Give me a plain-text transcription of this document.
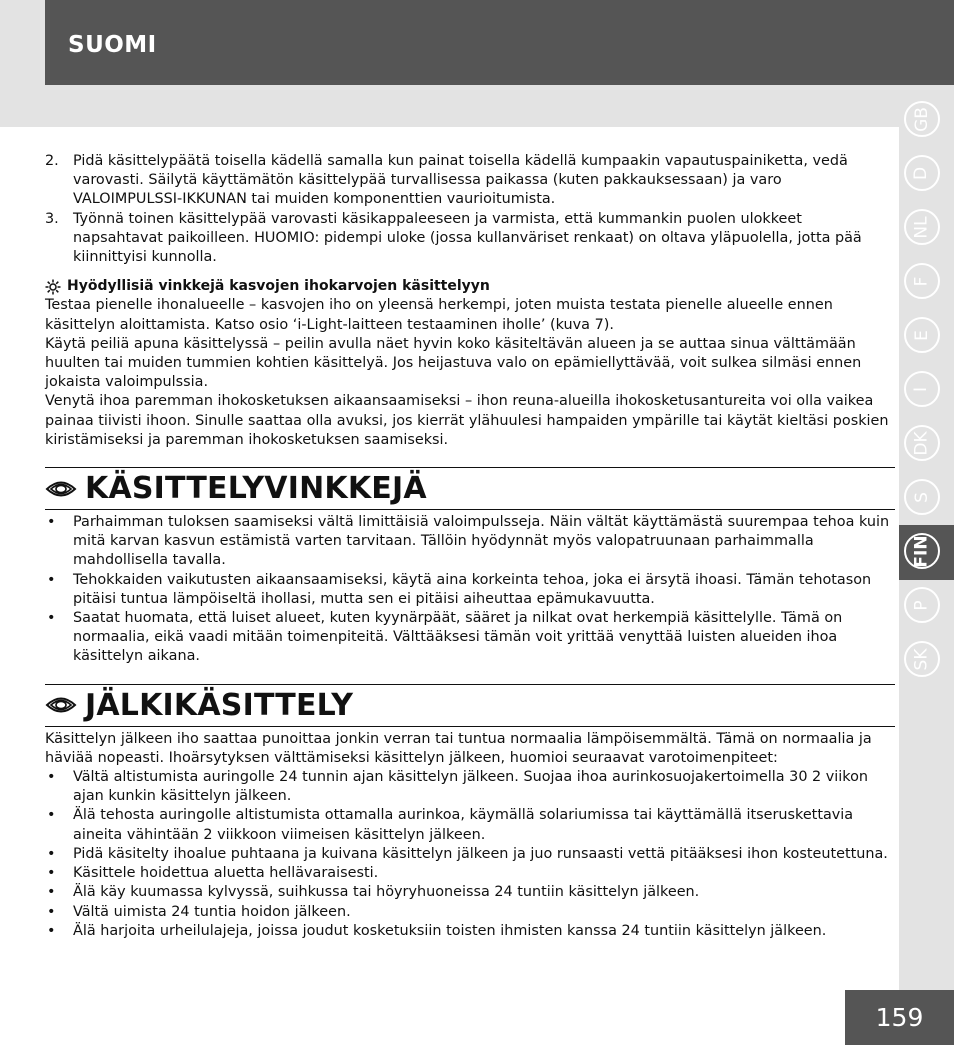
SUOMI
GB
D
NL
F
E
I
DK
S
FIN
P
SK
2. Pidä käsittelypäätä toisella kädellä samalla kun painat toisella kädellä kumpaakin vapautuspainiketta, vedä varovasti. Säilytä käyttämätön käsittelypää turvallisessa paikassa (kuten pakkauksessaan) ja varo VALOIMPULSSI-IKKUNAN tai muiden komponenttien vaurioitumista.
3. Työnnä toinen käsittelypää varovasti käsikappaleeseen ja varmista, että kummankin puolen ulokkeet napsahtavat paikoilleen. HUOMIO: pidempi uloke (jossa kullanväriset renkaat) on oltava yläpuolella, jotta pää kiinnittyisi kunnolla.
Hyödyllisiä vinkkejä kasvojen ihokarvojen käsittelyyn
Testaa pienelle ihonalueelle – kasvojen iho on yleensä herkempi, joten muista testata pienelle alueelle ennen käsittelyn aloittamista. Katso osio ‘i-Light-laitteen testaaminen iholle’ (kuva 7).
Käytä peiliä apuna käsittelyssä – peilin avulla näet hyvin koko käsiteltävän alueen ja se auttaa sinua välttämään huulten tai muiden tummien kohtien käsittelyä. Jos heijastuva valo on epämiellyttävää, voit sulkea silmäsi ennen jokaista valoimpulssia.
Venytä ihoa paremman ihokosketuksen aikaansaamiseksi – ihon reuna-alueilla ihokosketusantureita voi olla vaikea painaa tiivisti ihoon. Sinulle saattaa olla avuksi, jos kierrät ylähuulesi hampaiden ympärille tai käytät kieltäsi poskien kiristämiseksi ja paremman ihokosketuksen saamiseksi.
KÄSITTELYVINKKEJÄ
•	Parhaimman tuloksen saamiseksi vältä limittäisiä valoimpulsseja. Näin vältät käyttämästä suurempaa tehoa kuin mitä karvan kasvun estämistä varten tarvitaan. Tällöin hyödynnät myös valopatruunaan parhaimmalla mahdollisella tavalla.
•	Tehokkaiden vaikutusten aikaansaamiseksi, käytä aina korkeinta tehoa, joka ei ärsytä ihoasi. Tämän tehotason pitäisi tuntua lämpöiseltä ihollasi, mutta sen ei pitäisi aiheuttaa epämukavuutta.
•	Saatat huomata, että luiset alueet, kuten kyynärpäät, sääret ja nilkat ovat herkempiä käsittelylle. Tämä on normaalia, eikä vaadi mitään toimenpiteitä. Välttääksesi tämän voit yrittää venyttää luisten alueiden ihoa käsittelyn aikana.
JÄLKIKÄSITTELY
Käsittelyn jälkeen iho saattaa punoittaa jonkin verran tai tuntua normaalia lämpöisemmältä. Tämä on normaalia ja häviää nopeasti. Ihoärsytyksen välttämiseksi käsittelyn jälkeen, huomioi seuraavat varotoimenpiteet:
•	Vältä altistumista auringolle 24 tunnin ajan käsittelyn jälkeen. Suojaa ihoa aurinkosuojakertoimella 30 2 viikon ajan kunkin käsittelyn jälkeen.
•	Älä tehosta auringolle altistumista ottamalla aurinkoa, käymällä solariumissa tai käyttämällä itseruskettavia aineita vähintään 2 viikkoon viimeisen käsittelyn jälkeen.
•	Pidä käsitelty ihoalue puhtaana ja kuivana käsittelyn jälkeen ja juo runsaasti vettä pitääksesi ihon kosteutettuna.
•	Käsittele hoidettua aluetta hellävaraisesti.
•	Älä käy kuumassa kylvyssä, suihkussa tai höyryhuoneissa 24 tuntiin käsittelyn jälkeen.
•	Vältä uimista 24 tuntia hoidon jälkeen.
•	Älä harjoita urheilulajeja, joissa joudut kosketuksiin toisten ihmisten kanssa 24 tuntiin käsittelyn jälkeen.
159
